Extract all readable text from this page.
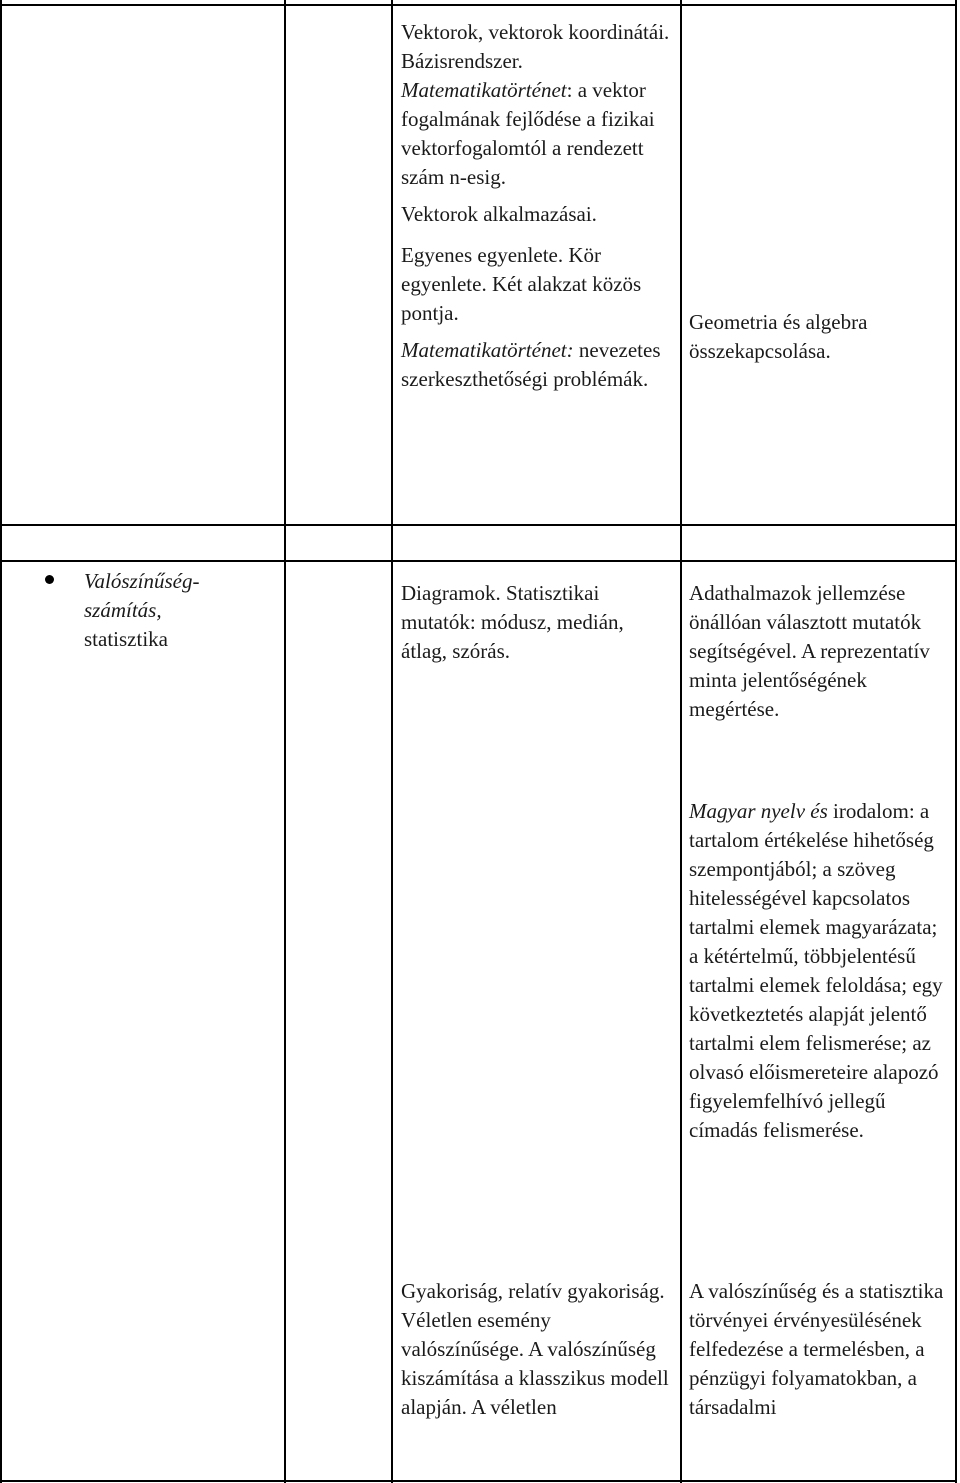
Vektorok, vektorok koordinátái. Bázisrendszer.

Matematikatörténet: a vektor fogalmának fejlődése a fizikai vektorfogalomtól a rendezett szám n-esig.

Vektorok alkalmazásai.

Egyenes egyenlete. Kör egyenlete. Két alakzat közös pontja.

Matematikatörténet: nevezetes szerkeszthetőségi problémák.

Geometria és algebra összekapcsolása.

Valószínűség-
számítás,
statisztika

Diagramok. Statisztikai mutatók: módusz, medián, átlag, szórás.

Gyakoriság, relatív gyakoriság. Véletlen esemény valószínűsége. A valószínűség kiszámítása a klasszikus modell alapján. A véletlen

Adathalmazok jellemzése önállóan választott mutatók segítségével. A reprezentatív minta jelentőségének megértése.

Magyar nyelv és irodalom: a tartalom értékelése hihetőség szempontjából; a szöveg hitelességével kapcsolatos tartalmi elemek magyarázata; a kétértelmű, többjelentésű tartalmi elemek feloldása; egy következtetés alapját jelentő tartalmi elem felismerése; az olvasó előismereteire alapozó figyelemfelhívó jellegű címadás felismerése.

A valószínűség és a statisztika törvényei érvényesülésének felfedezése a termelésben, a pénzügyi folyamatokban, a társadalmi
